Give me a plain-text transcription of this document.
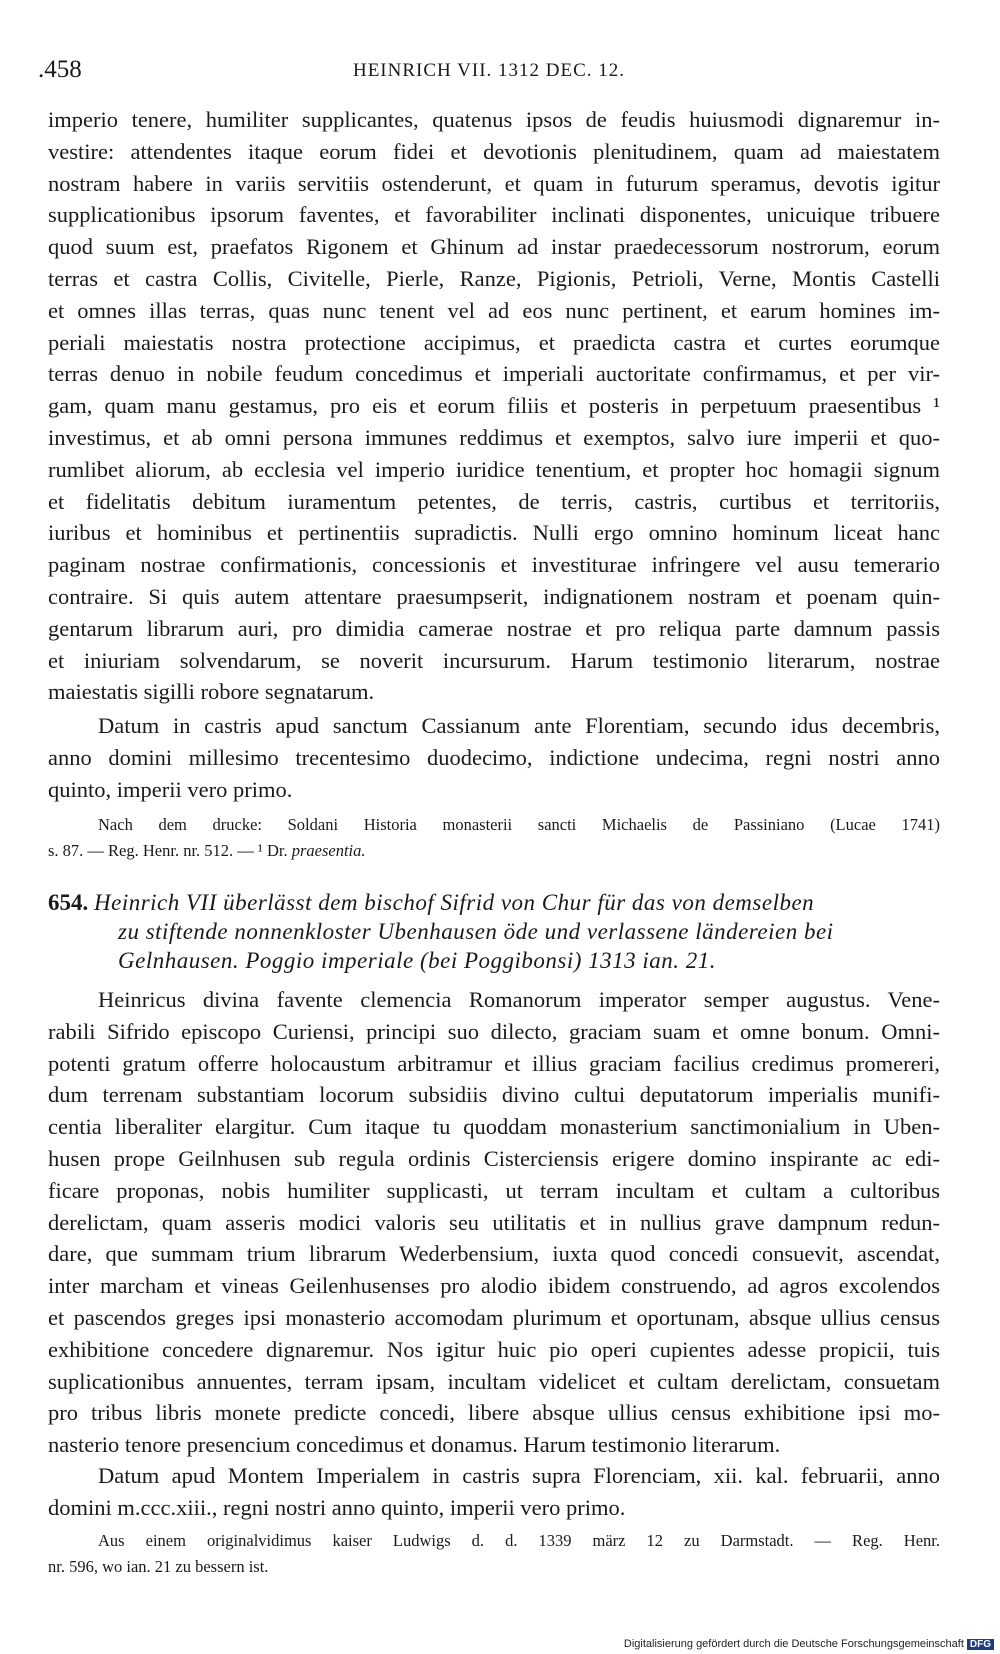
.458	HEINRICH VII. 1312 DEC. 12.
imperio tenere, humiliter supplicantes, quatenus ipsos de feudis huiusmodi dignaremur in-
vestire: attendentes itaque eorum fidei et devotionis plenitudinem, quam ad maiestatem
nostram habere in variis servitiis ostenderunt, et quam in futurum speramus, devotis igitur
supplicationibus ipsorum faventes, et favorabiliter inclinati disponentes, unicuique tribuere
quod suum est, praefatos Rigonem et Ghinum ad instar praedecessorum nostrorum, eorum
terras et castra Collis, Civitelle, Pierle, Ranze, Pigionis, Petrioli, Verne, Montis Castelli
et omnes illas terras, quas nunc tenent vel ad eos nunc pertinent, et earum homines im-
periali maiestatis nostra protectione accipimus, et praedicta castra et curtes eorumque
terras denuo in nobile feudum concedimus et imperiali auctoritate confirmamus, et per vir-
gam, quam manu gestamus, pro eis et eorum filiis et posteris in perpetuum praesentibus ¹
investimus, et ab omni persona immunes reddimus et exemptos, salvo iure imperii et quo-
rumlibet aliorum, ab ecclesia vel imperio iuridice tenentium, et propter hoc homagii signum
et fidelitatis debitum iuramentum petentes, de terris, castris, curtibus et territoriis,
iuribus et hominibus et pertinentiis supradictis. Nulli ergo omnino hominum liceat hanc
paginam nostrae confirmationis, concessionis et investiturae infringere vel ausu temerario
contraire. Si quis autem attentare praesumpserit, indignationem nostram et poenam quin-
gentarum librarum auri, pro dimidia camerae nostrae et pro reliqua parte damnum passis
et iniuriam solvendarum, se noverit incursurum. Harum testimonio literarum, nostrae
maiestatis sigilli robore segnatarum.
Datum in castris apud sanctum Cassianum ante Florentiam, secundo idus decembris,
anno domini millesimo trecentesimo duodecimo, indictione undecima, regni nostri anno
quinto, imperii vero primo.
Nach dem drucke: Soldani Historia monasterii sancti Michaelis de Passiniano (Lucae 1741)
s. 87. — Reg. Henr. nr. 512. — ¹ Dr. praesentia.
654. Heinrich VII überlässt dem bischof Sifrid von Chur für das von demselben
zu stiftende nonnenkloster Ubenhausen öde und verlassene ländereien bei
Gelnhausen. Poggio imperiale (bei Poggibonsi) 1313 ian. 21.
Heinricus divina favente clemencia Romanorum imperator semper augustus. Vene-
rabili Sifrido episcopo Curiensi, principi suo dilecto, graciam suam et omne bonum. Omni-
potenti gratum offerre holocaustum arbitramur et illius graciam facilius credimus promereri,
dum terrenam substantiam locorum subsidiis divino cultui deputatorum imperialis munifi-
centia liberaliter elargitur. Cum itaque tu quoddam monasterium sanctimonialium in Uben-
husen prope Geilnhusen sub regula ordinis Cisterciensis erigere domino inspirante ac edi-
ficare proponas, nobis humiliter supplicasti, ut terram incultam et cultam a cultoribus
derelictam, quam asseris modici valoris seu utilitatis et in nullius grave dampnum redun-
dare, que summam trium librarum Wederbensium, iuxta quod concedi consuevit, ascendat,
inter marcham et vineas Geilenhusenses pro alodio ibidem construendo, ad agros excolendos
et pascendos greges ipsi monasterio accomodam plurimum et oportunam, absque ullius census
exhibitione concedere dignaremur. Nos igitur huic pio operi cupientes adesse propicii, tuis
suplicationibus annuentes, terram ipsam, incultam videlicet et cultam derelictam, consuetam
pro tribus libris monete predicte concedi, libere absque ullius census exhibitione ipsi mo-
nasterio tenore presencium concedimus et donamus. Harum testimonio literarum.
Datum apud Montem Imperialem in castris supra Florenciam, xii. kal. februarii, anno
domini m.ccc.xiii., regni nostri anno quinto, imperii vero primo.
Aus einem originalvidimus kaiser Ludwigs d. d. 1339 märz 12 zu Darmstadt. — Reg. Henr.
nr. 596, wo ian. 21 zu bessern ist.
Digitalisierung gefördert durch die Deutsche Forschungsgemeinschaft DFG
